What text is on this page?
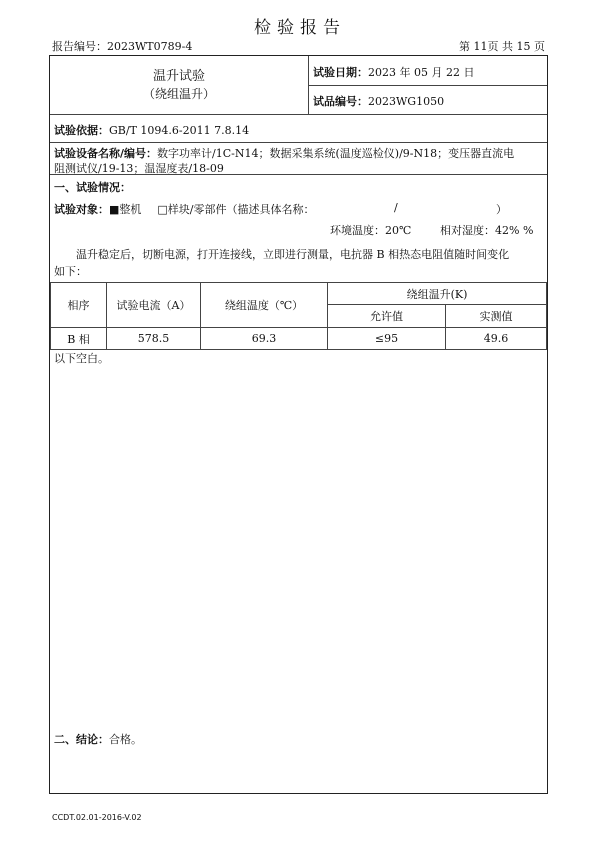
检验报告
报告编号：2023WT0789-4	第 11页 共 15 页
温升试验
（绕组温升）
试验日期：2023 年 05 月 22 日
试品编号：2023WG1050
试验依据：GB/T 1094.6-2011 7.8.14
试验设备名称/编号：数字功率计/1C-N14；数据采集系统(温度巡检仪)/9-N18；变压器直流电
阻测试仪/19-13；温湿度表/18-09
一、试验情况：
试验对象：■整机 □样块/零部件（描述具体名称：	/	）
环境温度：20℃	相对湿度：42% %
温升稳定后，切断电源，打开连接线，立即进行测量，电抗器 B 相热态电阻值随时间变化
如下：
相序	试验电流（A）	绕组温度（℃）	绕组温升(K)	
			允许值	实测值
B 相	578.5	69.3	≤95	49.6
以下空白。
二、结论：合格。
CCDT.02.01-2016-V.02
